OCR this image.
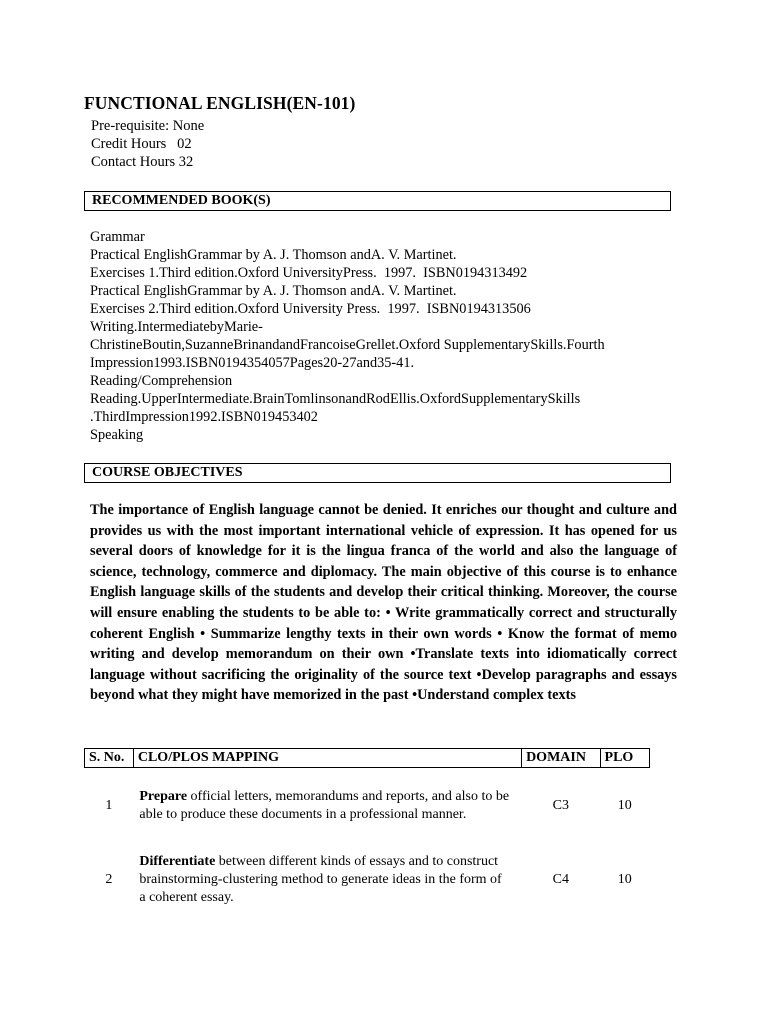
FUNCTIONAL ENGLISH(EN-101)
Pre-requisite: None
Credit Hours   02
Contact Hours 32
RECOMMENDED BOOK(S)
Grammar
Practical EnglishGrammar by A. J. Thomson andA. V. Martinet.
Exercises 1.Third edition.Oxford UniversityPress.  1997.  ISBN0194313492
Practical EnglishGrammar by A. J. Thomson andA. V. Martinet.
Exercises 2.Third edition.Oxford University Press.  1997.  ISBN0194313506
Writing.IntermediatebyMarie-
ChristineBoutin,SuzanneBrinandandFrancoiseGrellet.Oxford SupplementarySkills.Fourth
Impression1993.ISBN0194354057Pages20-27and35-41.
Reading/Comprehension
Reading.UpperIntermediate.BrainTomlinsonandRodEllis.OxfordSupplementarySkills
.ThirdImpression1992.ISBN019453402
Speaking
COURSE OBJECTIVES
The importance of English language cannot be denied. It enriches our thought and culture and provides us with the most important international vehicle of expression. It has opened for us several doors of knowledge for it is the lingua franca of the world and also the language of science, technology, commerce and diplomacy. The main objective of this course is to enhance English language skills of the students and develop their critical thinking. Moreover, the course will ensure enabling the students to be able to: • Write grammatically correct and structurally coherent English • Summarize lengthy texts in their own words • Know the format of memo writing and develop memorandum on their own •Translate texts into idiomatically correct language without sacrificing the originality of the source text •Develop paragraphs and essays beyond what they might have memorized in the past •Understand complex texts
S. No.	CLO/PLOS MAPPING	DOMAIN	PLO
1	Prepare official letters, memorandums and reports, and also to be able to produce these documents in a professional manner.	C3	10
2	Differentiate between different kinds of essays and to construct brainstorming-clustering method to generate ideas in the form of a coherent essay.	C4	10
